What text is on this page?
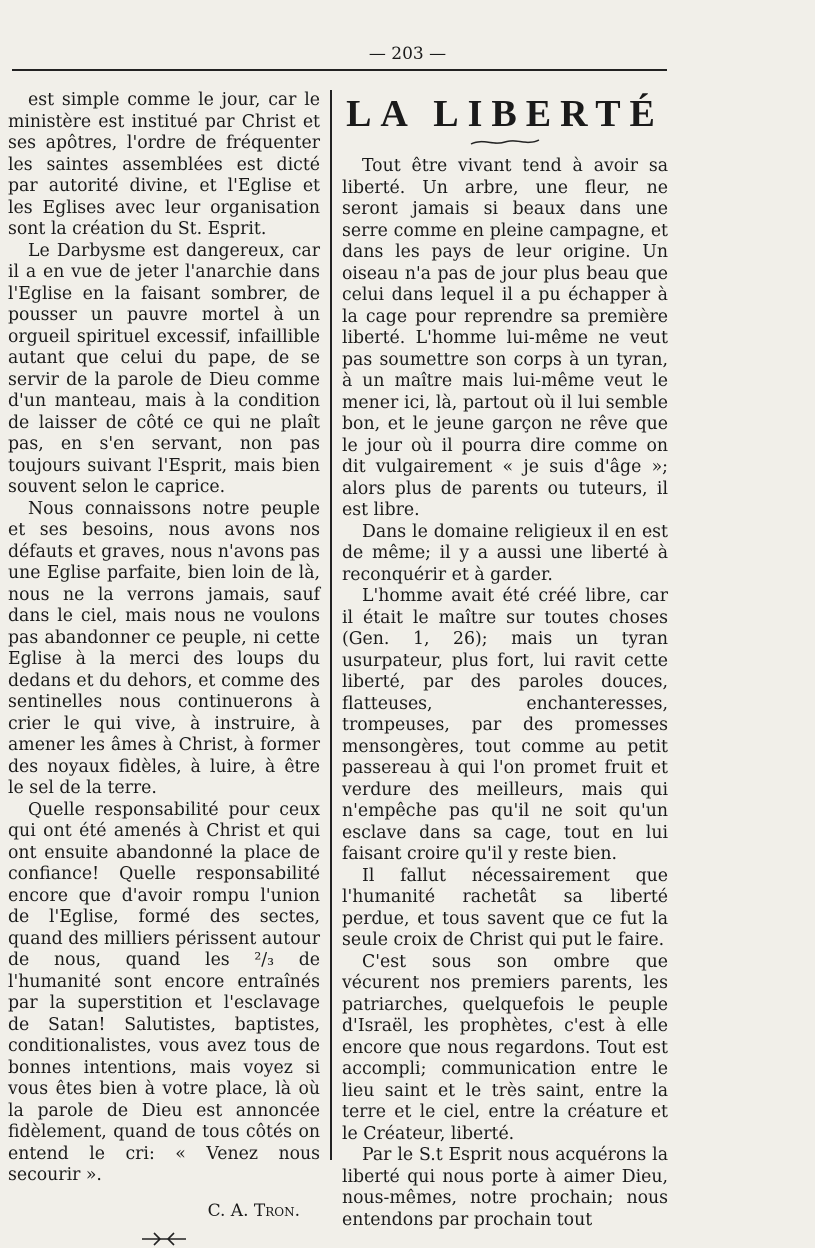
— 203 —

est simple comme le jour, car le ministère est institué par Christ et ses apôtres, l'ordre de fréquenter les saintes assemblées est dicté par autorité divine, et l'Eglise et les Eglises avec leur organisation sont la création du St. Esprit.

Le Darbysme est dangereux, car il a en vue de jeter l'anarchie dans l'Eglise en la faisant sombrer, de pousser un pauvre mortel à un orgueil spirituel excessif, infaillible autant que celui du pape, de se servir de la parole de Dieu comme d'un manteau, mais à la condition de laisser de côté ce qui ne plaît pas, en s'en servant, non pas toujours suivant l'Esprit, mais bien souvent selon le caprice.

Nous connaissons notre peuple et ses besoins, nous avons nos défauts et graves, nous n'avons pas une Eglise parfaite, bien loin de là, nous ne la verrons jamais, sauf dans le ciel, mais nous ne voulons pas abandonner ce peuple, ni cette Eglise à la merci des loups du dedans et du dehors, et comme des sentinelles nous continuerons à crier le qui vive, à instruire, à amener les âmes à Christ, à former des noyaux fidèles, à luire, à être le sel de la terre.

Quelle responsabilité pour ceux qui ont été amenés à Christ et qui ont ensuite abandonné la place de confiance! Quelle responsabilité encore que d'avoir rompu l'union de l'Eglise, formé des sectes, quand des milliers périssent autour de nous, quand les ²/₃ de l'humanité sont encore entraînés par la superstition et l'esclavage de Satan! Salutistes, baptistes, conditionalistes, vous avez tous de bonnes intentions, mais voyez si vous êtes bien à votre place, là où la parole de Dieu est annoncée fidèlement, quand de tous côtés on entend le cri: « Venez nous secourir ».

C. A. Tron.
LA LIBERTÉ

Tout être vivant tend à avoir sa liberté. Un arbre, une fleur, ne seront jamais si beaux dans une serre comme en pleine campagne, et dans les pays de leur origine. Un oiseau n'a pas de jour plus beau que celui dans lequel il a pu échapper à la cage pour reprendre sa première liberté. L'homme lui-même ne veut pas soumettre son corps à un tyran, à un maître mais lui-même veut le mener ici, là, partout où il lui semble bon, et le jeune garçon ne rêve que le jour où il pourra dire comme on dit vulgairement « je suis d'âge »; alors plus de parents ou tuteurs, il est libre.

Dans le domaine religieux il en est de même; il y a aussi une liberté à reconquérir et à garder.

L'homme avait été créé libre, car il était le maître sur toutes choses (Gen. 1, 26); mais un tyran usurpateur, plus fort, lui ravit cette liberté, par des paroles douces, flatteuses, enchanteresses, trompeuses, par des promesses mensongères, tout comme au petit passereau à qui l'on promet fruit et verdure des meilleurs, mais qui n'empêche pas qu'il ne soit qu'un esclave dans sa cage, tout en lui faisant croire qu'il y reste bien.

Il fallut nécessairement que l'humanité rachetât sa liberté perdue, et tous savent que ce fut la seule croix de Christ qui put le faire.

C'est sous son ombre que vécurent nos premiers parents, les patriarches, quelquefois le peuple d'Israël, les prophètes, c'est à elle encore que nous regardons. Tout est accompli; communication entre le lieu saint et le très saint, entre la terre et le ciel, entre la créature et le Créateur, liberté.

Par le S.t Esprit nous acquérons la liberté qui nous porte à aimer Dieu, nous-mêmes, notre prochain; nous entendons par prochain tout
